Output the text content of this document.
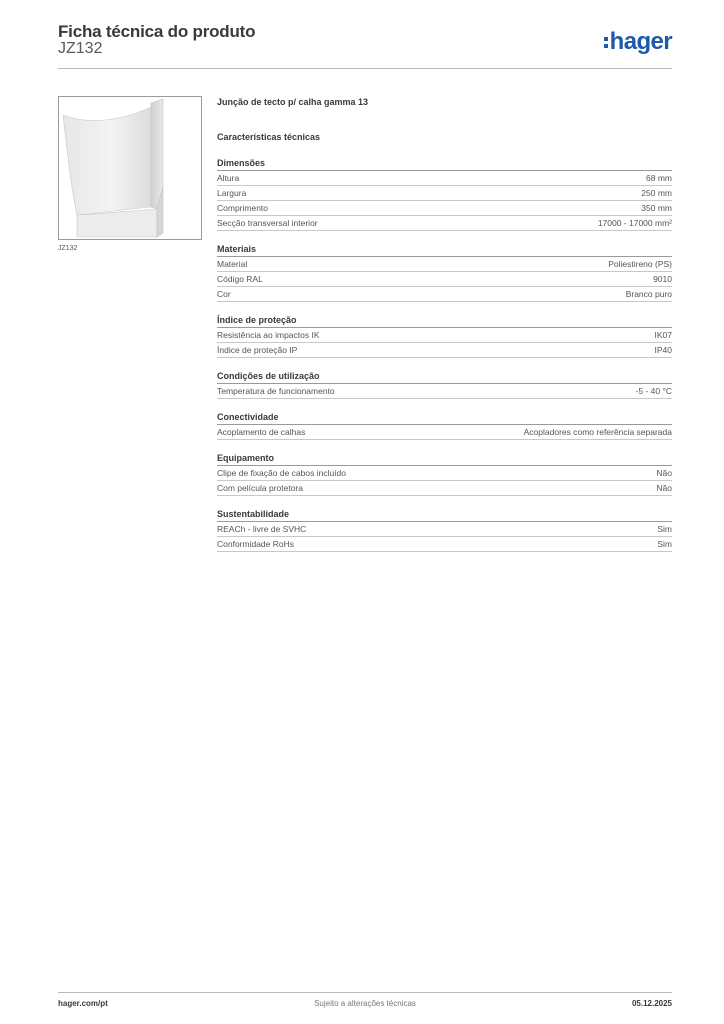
Ficha técnica do produto
JZ132	hager
JZ132
Junção de tecto p/ calha gamma 13
Características técnicas
Dimensões
Altura	68 mm
Largura	250 mm
Comprimento	350 mm
Secção transversal interior	17000 - 17000 mm²
Materiais
Material	Poliestireno (PS)
Código RAL	9010
Cor	Branco puro
Índice de proteção
Resistência ao impactos IK	IK07
Índice de proteção IP	IP40
Condições de utilização
Temperatura de funcionamento	-5 - 40 °C
Conectividade
Acoplamento de calhas	Acopladores como referência separada
Equipamento
Clipe de fixação de cabos incluído	Não
Com película protetora	Não
Sustentabilidade
REACh - livre de SVHC	Sim
Conformidade RoHs	Sim
hager.com/pt	Sujeito a alterações técnicas	05.12.2025
